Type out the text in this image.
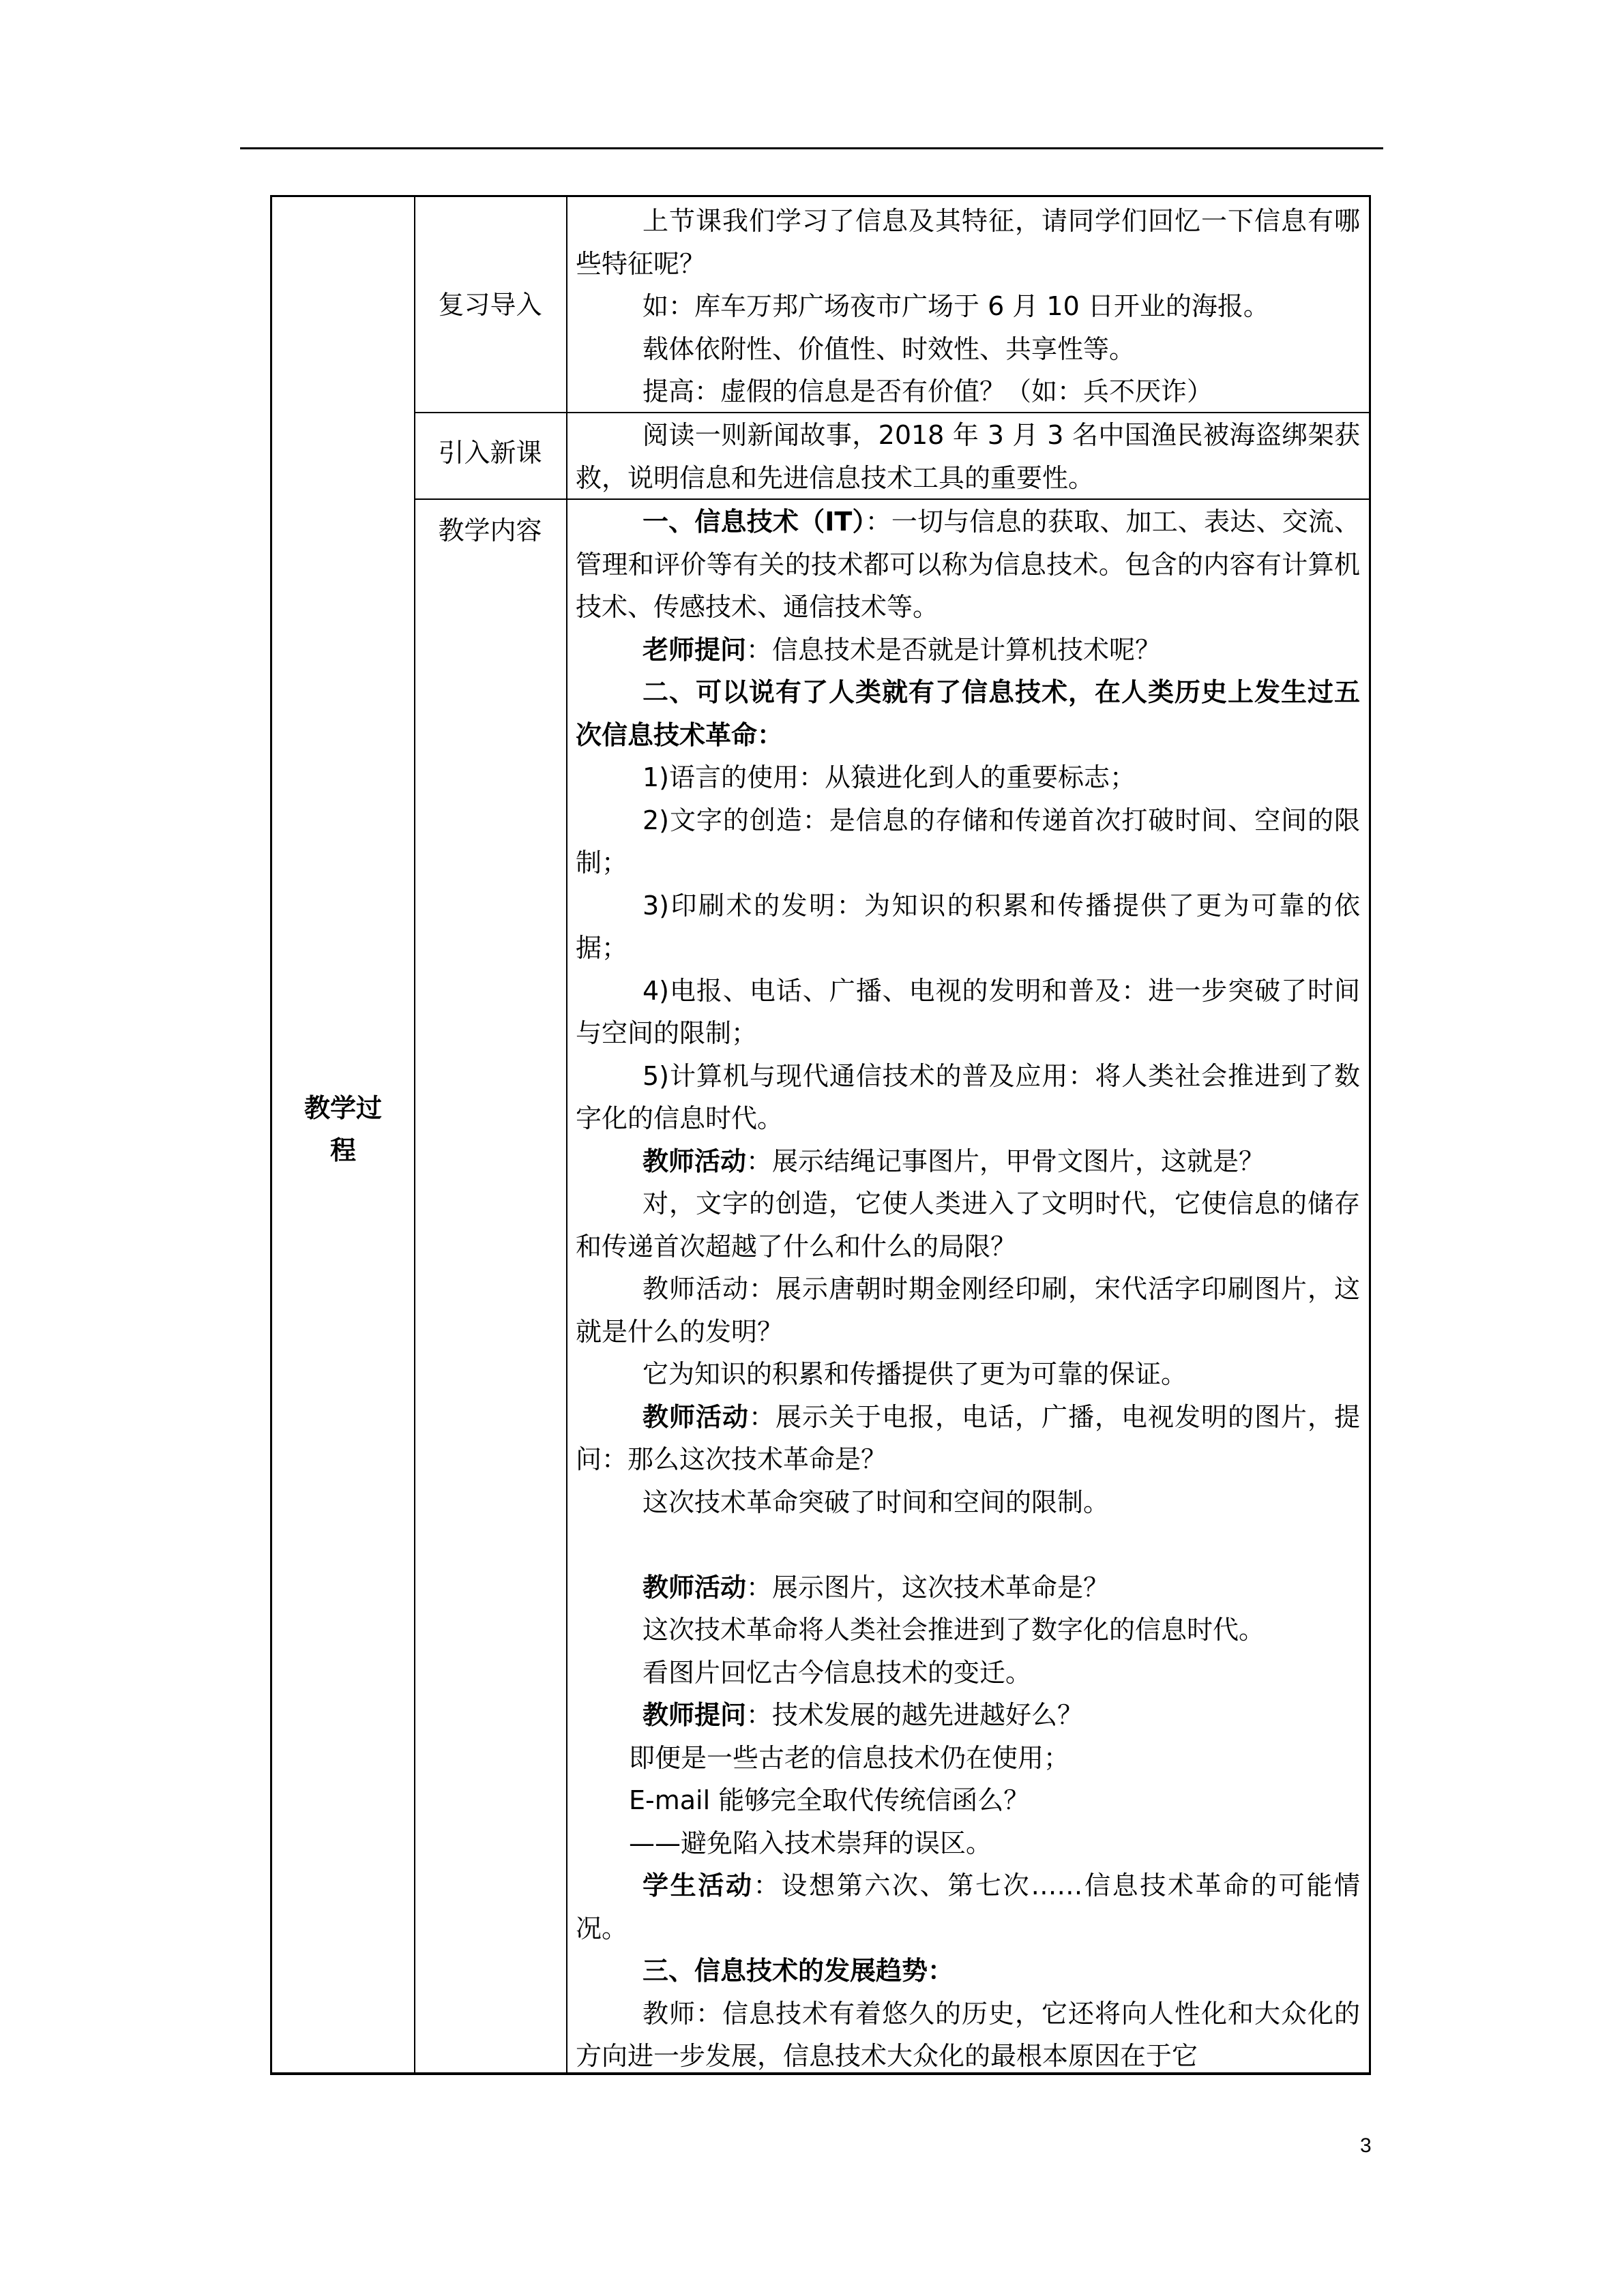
教学过
程
复习导入

上节课我们学习了信息及其特征，请同学们回忆一下信息有哪些特征呢？

如：库车万邦广场夜市广场于 6 月 10 日开业的海报。

载体依附性、价值性、时效性、共享性等。

提高：虚假的信息是否有价值？（如：兵不厌诈）

引入新课

阅读一则新闻故事，2018 年 3 月 3 名中国渔民被海盗绑架获救，说明信息和先进信息技术工具的重要性。

教学内容	一、信息技术（IT）：一切与信息的获取、加工、表达、交流、管理和评价等有关的技术都可以称为信息技术。包含的内容有计算机技术、传感技术、通信技术等。

老师提问：信息技术是否就是计算机技术呢？

二、可以说有了人类就有了信息技术，在人类历史上发生过五次信息技术革命：

1)语言的使用：从猿进化到人的重要标志；

2)文字的创造：是信息的存储和传递首次打破时间、空间的限制；

3)印刷术的发明：为知识的积累和传播提供了更为可靠的依据；

4)电报、电话、广播、电视的发明和普及：进一步突破了时间与空间的限制；

5)计算机与现代通信技术的普及应用：将人类社会推进到了数字化的信息时代。

教师活动：展示结绳记事图片，甲骨文图片，这就是？

对，文字的创造，它使人类进入了文明时代，它使信息的储存和传递首次超越了什么和什么的局限？

教师活动：展示唐朝时期金刚经印刷，宋代活字印刷图片，这就是什么的发明？

它为知识的积累和传播提供了更为可靠的保证。

教师活动：展示关于电报，电话，广播，电视发明的图片，提问：那么这次技术革命是？

这次技术革命突破了时间和空间的限制。

教师活动：展示图片，这次技术革命是？

这次技术革命将人类社会推进到了数字化的信息时代。

看图片回忆古今信息技术的变迁。

教师提问：技术发展的越先进越好么？

即便是一些古老的信息技术仍在使用；

E-mail 能够完全取代传统信函么？

——避免陷入技术崇拜的误区。

学生活动：设想第六次、第七次……信息技术革命的可能情况。

三、信息技术的发展趋势：

教师：信息技术有着悠久的历史，它还将向人性化和大众化的方向进一步发展，信息技术大众化的最根本原因在于它

3
